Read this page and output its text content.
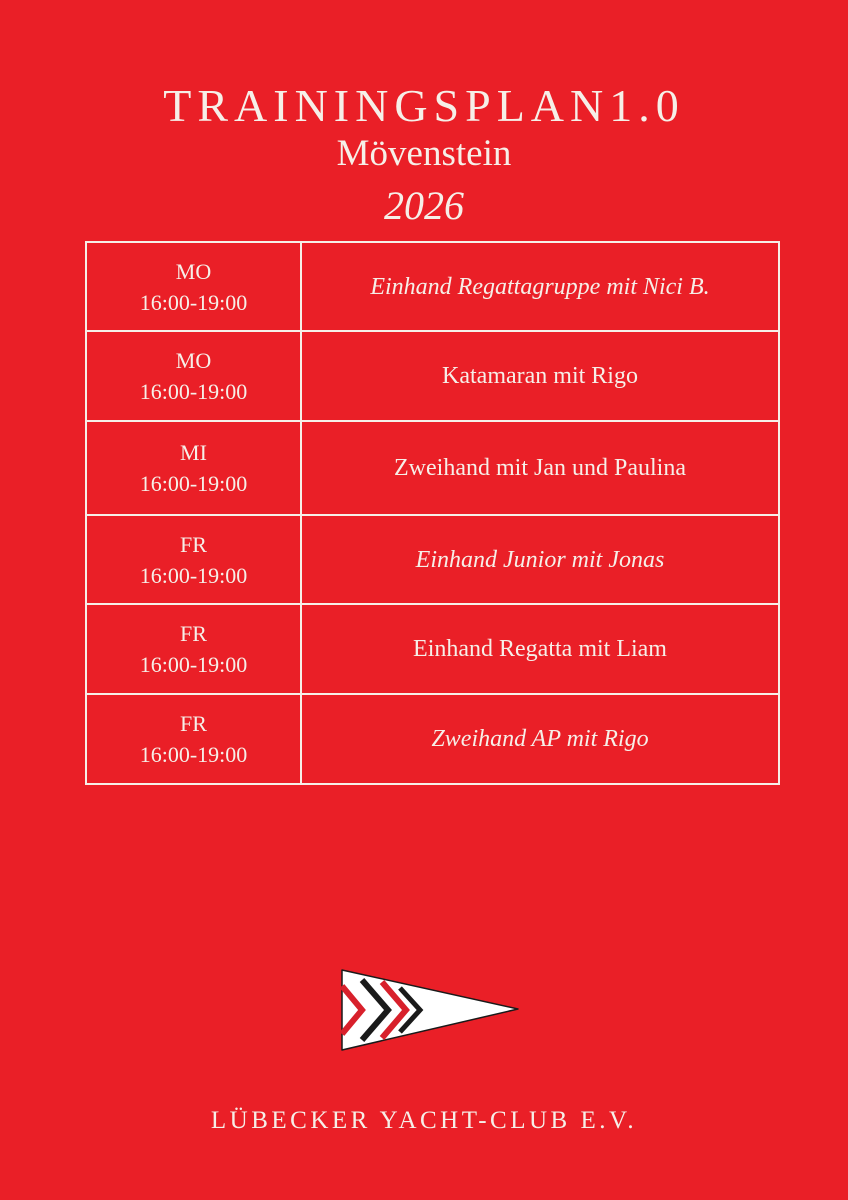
TRAININGSPLAN1.0
Mövenstein
2026
MO
16:00-19:00	Einhand Regattagruppe mit Nici B.

MO
16:00-19:00	Katamaran mit Rigo

MI
16:00-19:00	Zweihand mit Jan und Paulina

FR
16:00-19:00	Einhand Junior mit Jonas

FR
16:00-19:00	Einhand Regatta mit Liam

FR
16:00-19:00	Zweihand AP mit Rigo
LÜBECKER YACHT-CLUB E.V.
